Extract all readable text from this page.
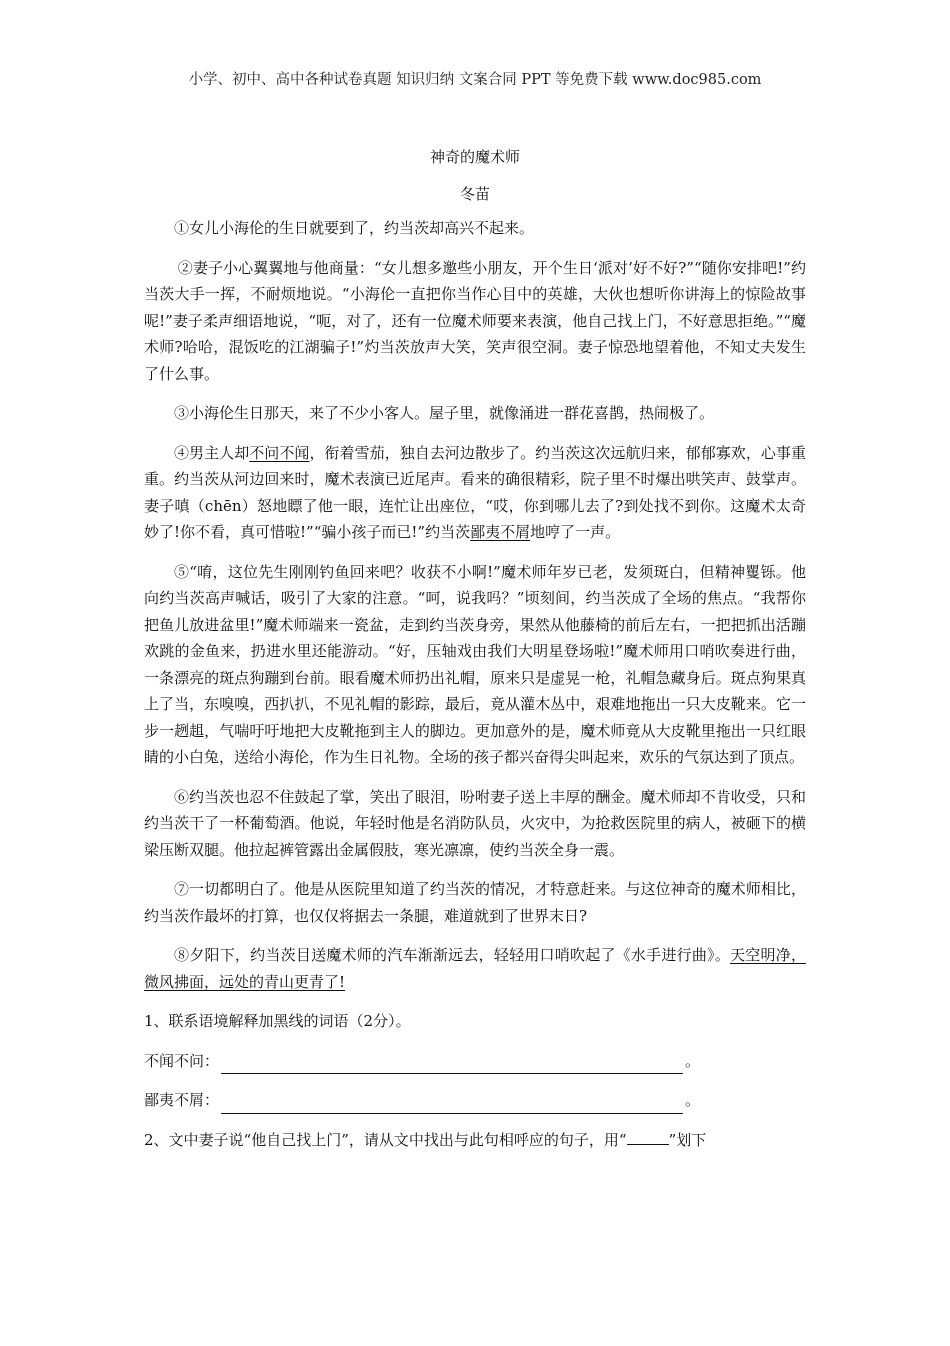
小学、初中、高中各种试卷真题 知识归纳 文案合同 PPT 等免费下载 www.doc985.com
神奇的魔术师
冬苗

①女儿小海伦的生日就要到了，约当茨却高兴不起来。

②妻子小心翼翼地与他商量：“女儿想多邀些小朋友，开个生日‘派对’好不好?”“随你安排吧!”约当茨大手一挥，不耐烦地说。“小海伦一直把你当作心目中的英雄，大伙也想听你讲海上的惊险故事呢!”妻子柔声细语地说，“呃，对了，还有一位魔术师要来表演，他自己找上门，不好意思拒绝。”“魔术师?哈哈，混饭吃的江湖骗子!”灼当茨放声大笑，笑声很空洞。妻子惊恐地望着他，不知丈夫发生了什么事。

③小海伦生日那天，来了不少小客人。屋子里，就像涌进一群花喜鹊，热闹极了。

④男主人却不问不闻，衔着雪茄，独自去河边散步了。约当茨这次远航归来，郁郁寡欢，心事重重。约当茨从河边回来时，魔术表演已近尾声。看来的确很精彩，院子里不时爆出哄笑声、鼓掌声。妻子嗔（chēn）怒地瞟了他一眼，连忙让出座位，“哎，你到哪儿去了?到处找不到你。这魔术太奇妙了!你不看，真可惜啦!”“骗小孩子而已!”约当茨鄙夷不屑地哼了一声。

⑤“唷，这位先生刚刚钓鱼回来吧？收获不小啊!”魔术师年岁已老，发须斑白，但精神矍铄。他向约当茨高声喊话，吸引了大家的注意。“呵，说我吗？”顷刻间，约当茨成了全场的焦点。“我帮你把鱼儿放进盆里!”魔术师端来一瓷盆，走到约当茨身旁，果然从他藤椅的前后左右，一把把抓出活蹦欢跳的金鱼来，扔进水里还能游动。“好，压轴戏由我们大明星登场啦!”魔术师用口哨吹奏进行曲，一条漂亮的斑点狗蹦到台前。眼看魔术师扔出礼帽，原来只是虚晃一枪，礼帽急藏身后。斑点狗果真上了当，东嗅嗅，西扒扒，不见礼帽的影踪，最后，竟从灌木丛中，艰难地拖出一只大皮靴来。它一步一趔趄，气喘吁吁地把大皮靴拖到主人的脚边。更加意外的是，魔术师竟从大皮靴里拖出一只红眼睛的小白兔，送给小海伦，作为生日礼物。全场的孩子都兴奋得尖叫起来，欢乐的气氛达到了顶点。

⑥约当茨也忍不住鼓起了掌，笑出了眼泪，吩咐妻子送上丰厚的酬金。魔术师却不肯收受，只和约当茨干了一杯葡萄酒。他说，年轻时他是名消防队员，火灾中，为抢救医院里的病人，被砸下的横梁压断双腿。他拉起裤管露出金属假肢，寒光凛凛，使约当茨全身一震。

⑦一切都明白了。他是从医院里知道了约当茨的情况，才特意赶来。与这位神奇的魔术师相比，约当茨作最坏的打算，也仅仅将据去一条腿，难道就到了世界末日?

⑧夕阳下，约当茨目送魔术师的汽车渐渐远去，轻轻用口哨吹起了《水手进行曲》。天空明净，微风拂面，远处的青山更青了!

1、联系语境解释加黑线的词语（2分）。

不闻不问：	。
鄙夷不屑：	。

2、文中妻子说“他自己找上门”，请从文中找出与此句相呼应的句子，用“	”划下
